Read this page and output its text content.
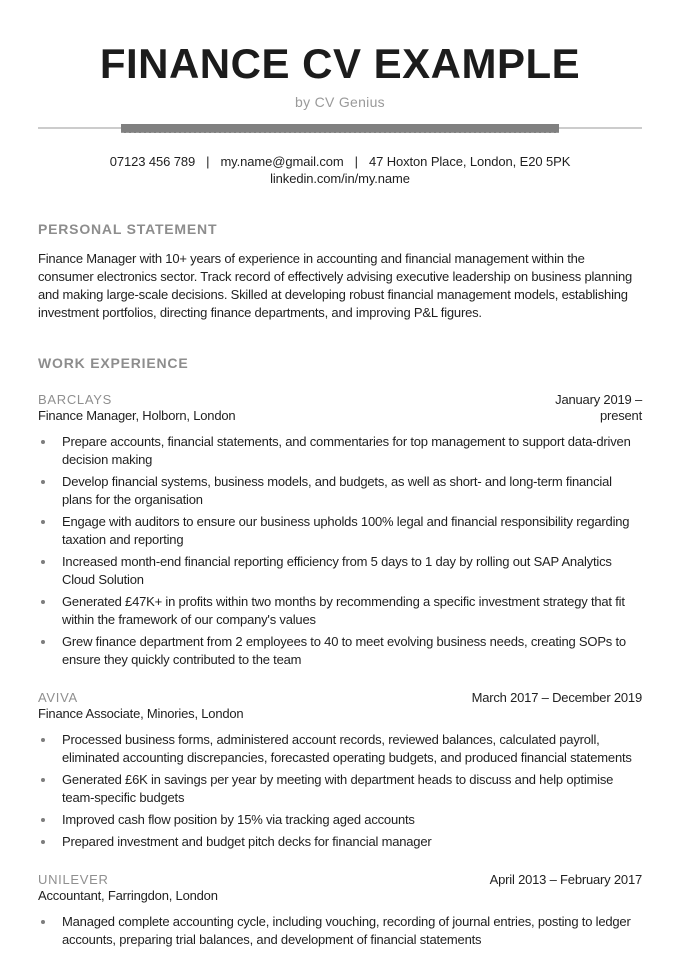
FINANCE CV EXAMPLE
by CV Genius
07123 456 789 | my.name@gmail.com | 47 Hoxton Place, London, E20 5PK
linkedin.com/in/my.name
PERSONAL STATEMENT

Finance Manager with 10+ years of experience in accounting and financial management within the consumer electronics sector. Track record of effectively advising executive leadership on business planning and making large-scale decisions. Skilled at developing robust financial management models, establishing investment portfolios, directing finance departments, and improving P&L figures.

WORK EXPERIENCE
BARCLAYS
Finance Manager, Holborn, London
January 2019 –
present
Prepare accounts, financial statements, and commentaries for top management to support data-driven decision making
Develop financial systems, business models, and budgets, as well as short- and long-term financial plans for the organisation
Engage with auditors to ensure our business upholds 100% legal and financial responsibility regarding taxation and reporting
Increased month-end financial reporting efficiency from 5 days to 1 day by rolling out SAP Analytics Cloud Solution
Generated £47K+ in profits within two months by recommending a specific investment strategy that fit within the framework of our company's values
Grew finance department from 2 employees to 40 to meet evolving business needs, creating SOPs to ensure they quickly contributed to the team
AVIVA
Finance Associate, Minories, London
March 2017 – December 2019
Processed business forms, administered account records, reviewed balances, calculated payroll, eliminated accounting discrepancies, forecasted operating budgets, and produced financial statements
Generated £6K in savings per year by meeting with department heads to discuss and help optimise team-specific budgets
Improved cash flow position by 15% via tracking aged accounts
Prepared investment and budget pitch decks for financial manager
UNILEVER
Accountant, Farringdon, London
April 2013 – February 2017
Managed complete accounting cycle, including vouching, recording of journal entries, posting to ledger accounts, preparing trial balances, and development of financial statements
